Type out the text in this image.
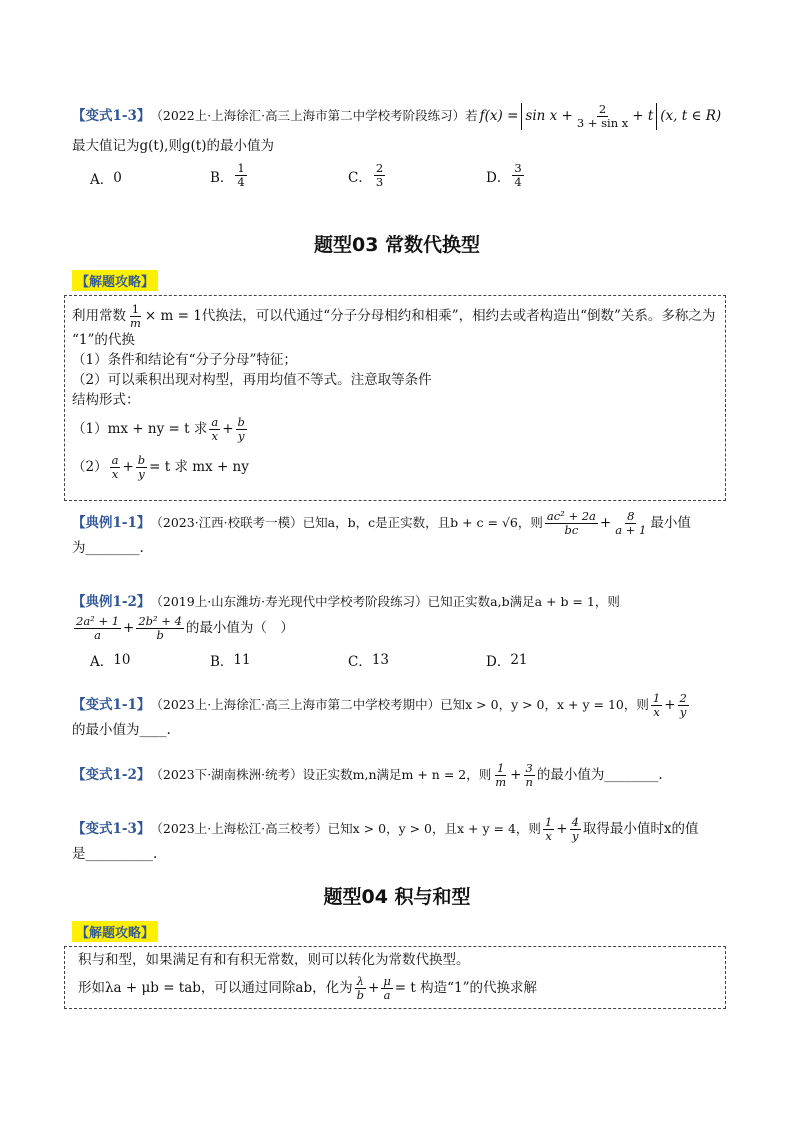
【变式1-3】 （2022上·上海徐汇·高三上海市第二中学校考阶段练习）若 $f(x) = \sin x + \frac{2}{\text{3 + sin x}} + t$ (x, t ∈ R)
最大值记为g(t),则g(t)的最小值为
A． 0	B． $\frac{1}{4}$	C． $\frac{2}{3}$	D． $\frac{3}{4}$
题型03 常数代换型
【解题攻略】
利用常数 $\frac{1}{m} \times m = 1$代换法，可以代通过“分子分母相约和相乘”，相约去或者构造出“倒数”关系。多称之为
“1”的代换
（1）条件和结论有“分子分母”特征；
（2）可以乘积出现对构型，再用均值不等式。注意取等条件
结构形式：
（1）mx + ny = t 求 $\frac{a}{x} + \frac{b}{y}$
$(2) \frac{a}{x} + \frac{b}{y} = t$ 求 mx + ny
【典例1-1】 （2023·江西·校联考一模）已知a，b，c是正实数，且b + c = √6，则 $\frac{\text{ac² + 2a}}{bc} + \frac{8}{a + 1}$ 最小值
为________.
【典例1-2】 （2019上·山东潍坊·寿光现代中学校考阶段练习）已知正实数a,b满足a + b = 1，则
$\frac{\text{2a² + 1}}{a} + \frac{\text{2b² + 4}}{b}$ 的最小值为（　）
A． 10	B． 11	C． 13	D． 21
【变式1-1】 （2023上·上海徐汇·高三上海市第二中学校考期中）已知x > 0，y > 0，x + y = 10，则 $\frac{1}{x} + \frac{2}{y}$
的最小值为____.
【变式1-2】 （2023下·湖南株洲·统考）设正实数m,n满足m + n = 2，则 $\frac{1}{m} + \frac{3}{n}$ 的最小值为________.
【变式1-3】 （2023上·上海松江·高三校考）已知x > 0，y > 0，且x + y = 4，则 $\frac{1}{x} + \frac{4}{y}$ 取得最小值时x的值
是__________.
题型04 积与和型
【解题攻略】
积与和型，如果满足有和有积无常数，则可以转化为常数代换型。
形如λa + μb = tab，可以通过同除ab，化为 $\frac{\lambda}{b} + \frac{\mu}{a} = t$ 构造“1”的代换求解
